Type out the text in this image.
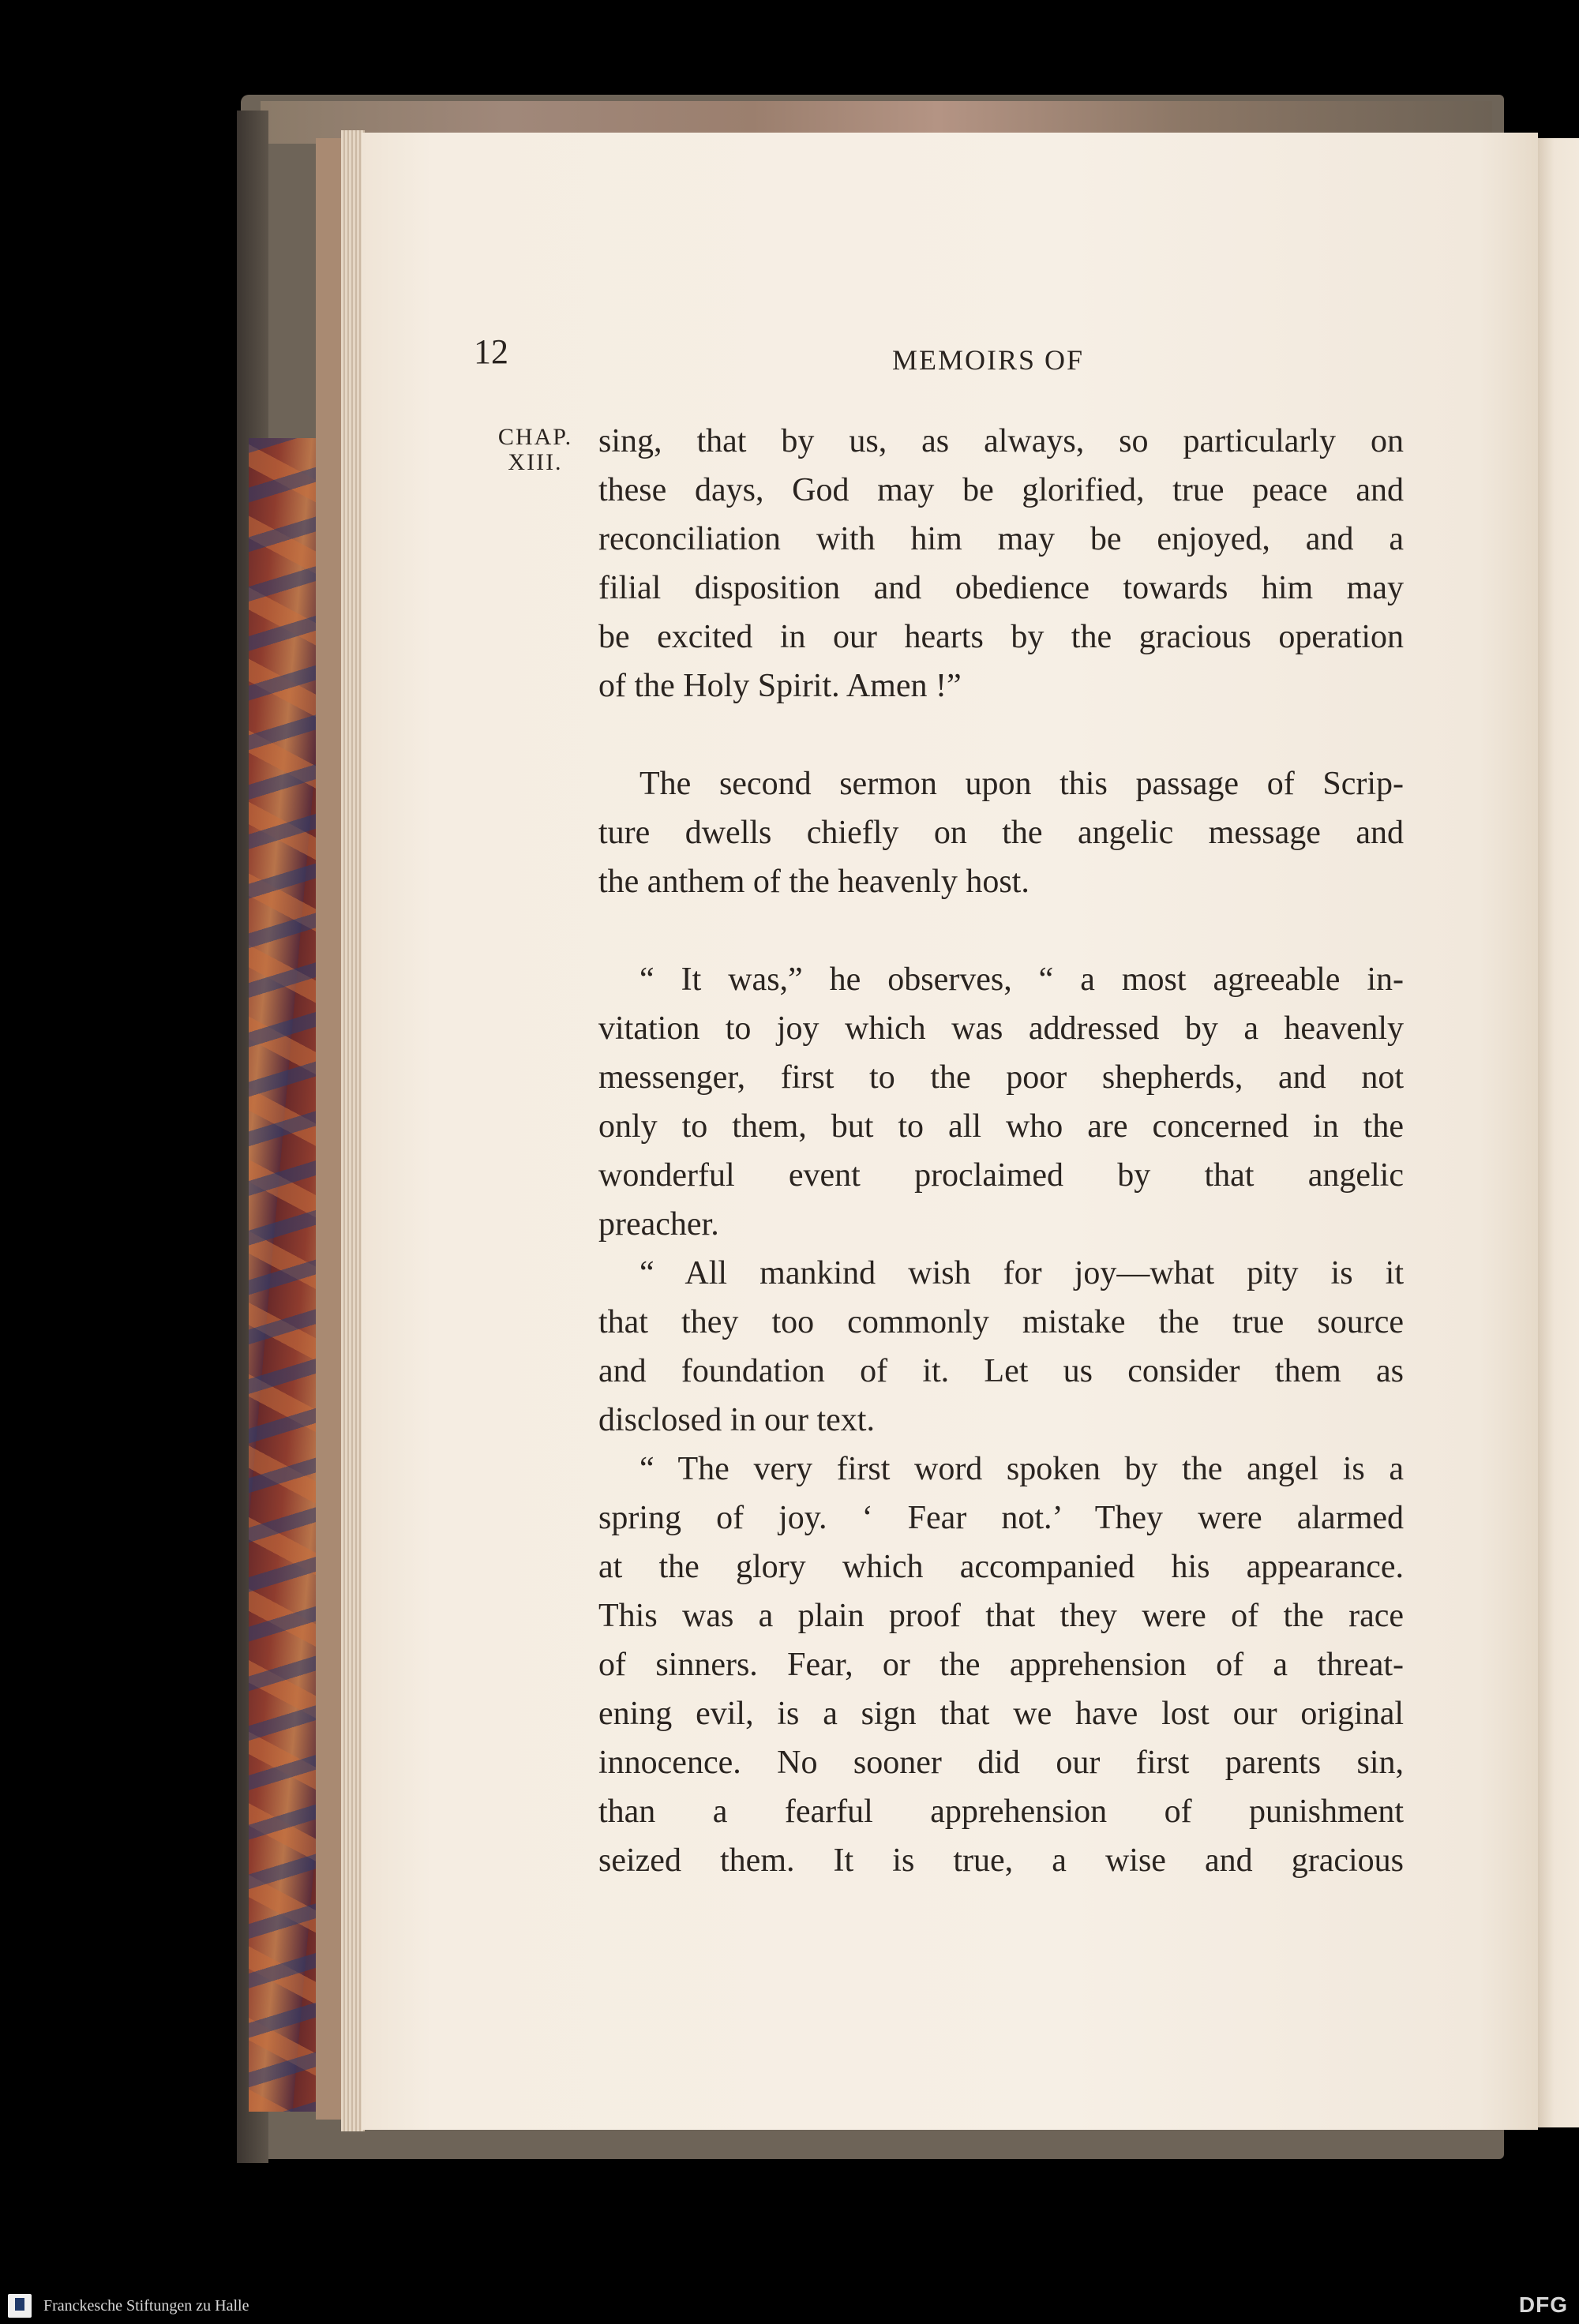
12	MEMOIRS OF
CHAP.
XIII.
sing, that by us, as always, so particularly on
these days, God may be glorified, true peace and
reconciliation with him may be enjoyed, and a
filial disposition and obedience towards him may
be excited in our hearts by the gracious operation
of the Holy Spirit. Amen !”
The second sermon upon this passage of Scrip-
ture dwells chiefly on the angelic message and
the anthem of the heavenly host.
“ It was,” he observes, “ a most agreeable in-
vitation to joy which was addressed by a heavenly
messenger, first to the poor shepherds, and not
only to them, but to all who are concerned in the
wonderful event proclaimed by that angelic
preacher.
“ All mankind wish for joy—what pity is it
that they too commonly mistake the true source
and foundation of it. Let us consider them as
disclosed in our text.
“ The very first word spoken by the angel is a
spring of joy. ‘ Fear not.’ They were alarmed
at the glory which accompanied his appearance.
This was a plain proof that they were of the race
of sinners. Fear, or the apprehension of a threat-
ening evil, is a sign that we have lost our original
innocence. No sooner did our first parents sin,
than a fearful apprehension of punishment
seized them. It is true, a wise and gracious
Franckesche Stiftungen zu Halle	DFG
